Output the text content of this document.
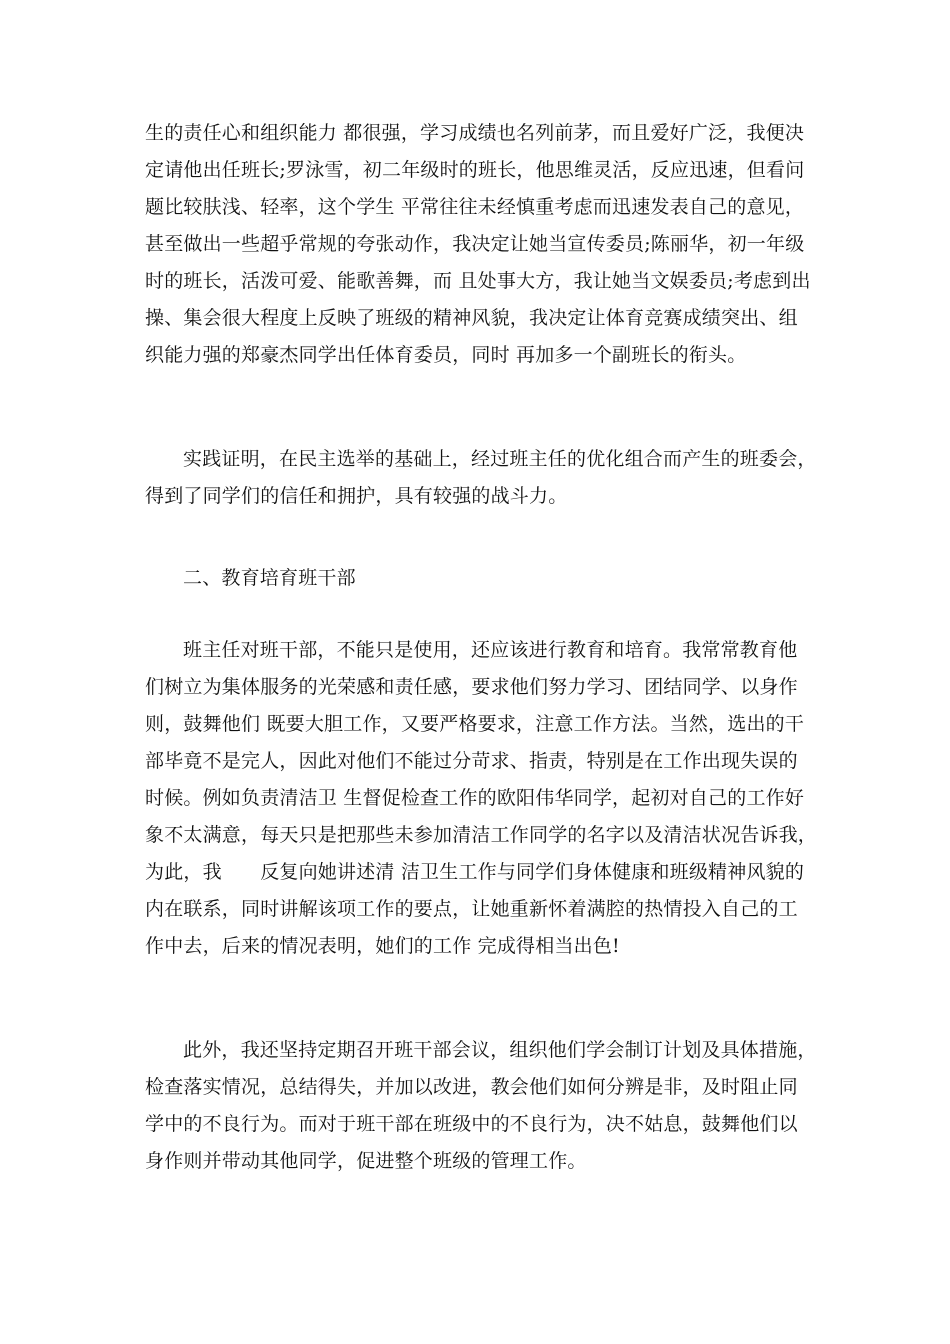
生的责任心和组织能力 都很强，学习成绩也名列前茅，而且爱好广泛，我便决
定请他出任班长;罗泳雪，初二年级时的班长，他思维灵活，反应迅速，但看问
题比较肤浅、轻率，这个学生 平常往往未经慎重考虑而迅速发表自己的意见，
甚至做出一些超乎常规的夸张动作，我决定让她当宣传委员;陈丽华，初一年级
时的班长，活泼可爱、能歌善舞，而 且处事大方，我让她当文娱委员;考虑到出
操、集会很大程度上反映了班级的精神风貌，我决定让体育竞赛成绩突出、组
织能力强的郑豪杰同学出任体育委员，同时 再加多一个副班长的衔头。
实践证明，在民主选举的基础上，经过班主任的优化组合而产生的班委会，
得到了同学们的信任和拥护，具有较强的战斗力。
二、教育培育班干部
班主任对班干部，不能只是使用，还应该进行教育和培育。我常常教育他
们树立为集体服务的光荣感和责任感，要求他们努力学习、团结同学、以身作
则，鼓舞他们 既要大胆工作，又要严格要求，注意工作方法。当然，选出的干
部毕竟不是完人，因此对他们不能过分苛求、指责，特别是在工作出现失误的
时候。例如负责清洁卫 生督促检查工作的欧阳伟华同学，起初对自己的工作好
象不太满意，每天只是把那些未参加清洁工作同学的名字以及清洁状况告诉我，
为此，我　　反复向她讲述清 洁卫生工作与同学们身体健康和班级精神风貌的
内在联系，同时讲解该项工作的要点，让她重新怀着满腔的热情投入自己的工
作中去，后来的情况表明，她们的工作 完成得相当出色!
此外，我还坚持定期召开班干部会议，组织他们学会制订计划及具体措施，
检查落实情况，总结得失，并加以改进，教会他们如何分辨是非，及时阻止同
学中的不良行为。而对于班干部在班级中的不良行为，决不姑息，鼓舞他们以
身作则并带动其他同学，促进整个班级的管理工作。
